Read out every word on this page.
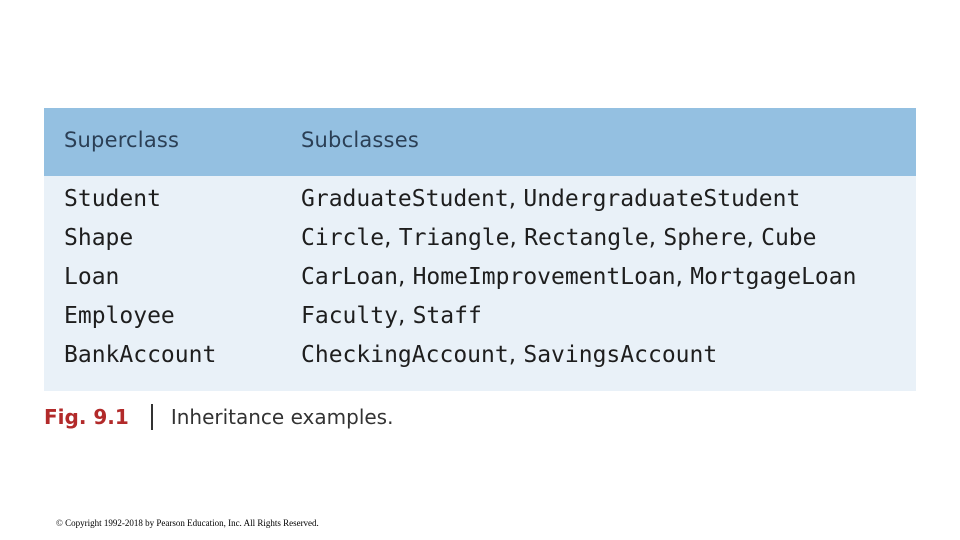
Superclass	Subclasses
Student	GraduateStudent, UndergraduateStudent
Shape	Circle, Triangle, Rectangle, Sphere, Cube
Loan	CarLoan, HomeImprovementLoan, MortgageLoan
Employee	Faculty, Staff
BankAccount	CheckingAccount, SavingsAccount
Fig. 9.1 Inheritance examples.
© Copyright 1992-2018 by Pearson Education, Inc. All Rights Reserved.
